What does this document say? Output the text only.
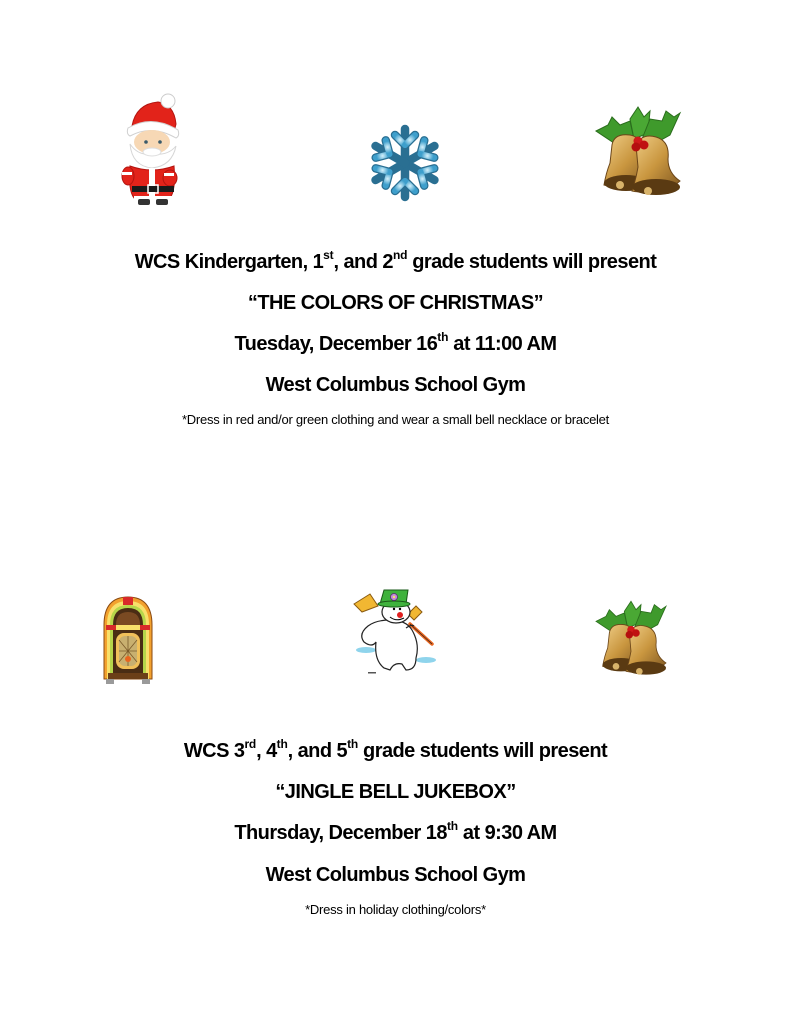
WCS Kindergarten, 1st, and 2nd grade students will present
“THE COLORS OF CHRISTMAS”
Tuesday, December 16th at 11:00 AM
West Columbus School Gym
*Dress in red and/or green clothing and wear a small bell necklace or bracelet
WCS 3rd, 4th, and 5th grade students will present
“JINGLE BELL JUKEBOX”
Thursday, December 18th at 9:30 AM
West Columbus School Gym
*Dress in holiday clothing/colors*
